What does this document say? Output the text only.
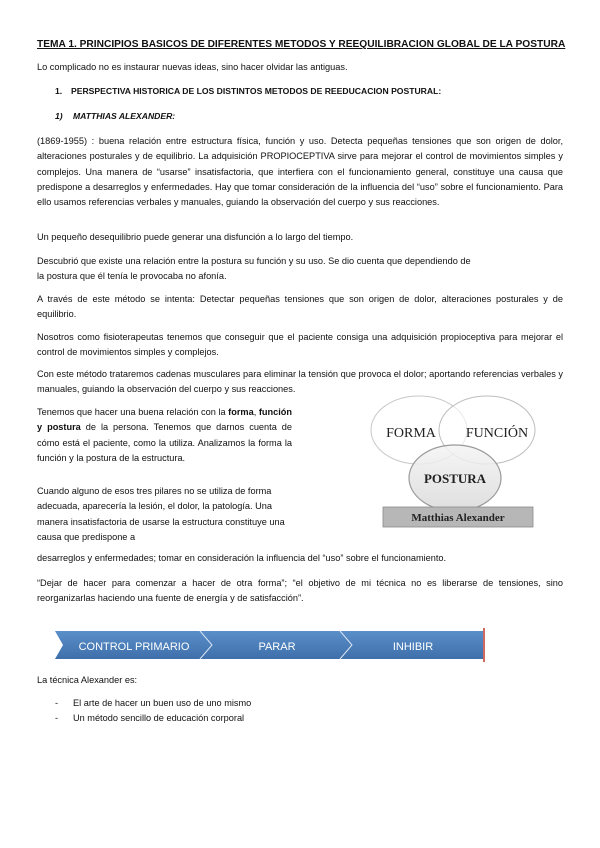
TEMA 1. PRINCIPIOS BASICOS DE DIFERENTES METODOS Y REEQUILIBRACION GLOBAL DE LA POSTURA
Lo complicado no es instaurar nuevas ideas, sino hacer olvidar las antiguas.
1. PERSPECTIVA HISTORICA DE LOS DISTINTOS METODOS DE REEDUCACION POSTURAL:
1) MATTHIAS ALEXANDER:
(1869-1955) : buena relación entre estructura física, función y uso. Detecta pequeñas tensiones que son origen de dolor, alteraciones posturales y de equilibrio. La adquisición PROPIOCEPTIVA sirve para mejorar el control de movimientos simples y complejos. Una manera de “usarse” insatisfactoria, que interfiera con el funcionamiento general, constituye una causa que predispone a desarreglos y enfermedades. Hay que tomar consideración de la influencia del “uso” sobre el funcionamiento. Para ello usamos referencias verbales y manuales, guiando la observación del cuerpo y sus reacciones.
Un pequeño desequilibrio puede generar una disfunción a lo largo del tiempo.
Descubrió que existe una relación entre la postura su función y su uso. Se dio cuenta que dependiendo de
la postura que él tenía le provocaba no afonía.
A través de este método se intenta: Detectar pequeñas tensiones que son origen de dolor, alteraciones posturales y de equilibrio.
Nosotros como fisioterapeutas tenemos que conseguir que el paciente consiga una adquisición propioceptiva para mejorar el control de movimientos simples y complejos.
Con este método trataremos cadenas musculares para eliminar la tensión que provoca el dolor; aportando referencias verbales y manuales, guiando la observación del cuerpo y sus reacciones.
Tenemos que hacer una buena relación con la forma, función y postura de la persona. Tenemos que darnos cuenta de cómo está el paciente, como la utiliza. Analizamos la forma la función y la postura de la estructura.
Cuando alguno de esos tres pilares no se utiliza de forma adecuada, aparecería la lesión, el dolor, la patología. Una manera insatisfactoria de usarse la estructura constituye una causa que predispone a
FORMA FUNCIÓN
POSTURA
Matthias Alexander
desarreglos y enfermedades; tomar en consideración la influencia del “uso” sobre el funcionamiento.
“Dejar de hacer para comenzar a hacer de otra forma”; “el objetivo de mi técnica no es liberarse de tensiones, sino reorganizarlas haciendo una fuente de energía y de satisfacción”.
CONTROL PRIMARIO	PARAR	INHIBIR
La técnica Alexander es:
- El arte de hacer un buen uso de uno mismo
- Un método sencillo de educación corporal
